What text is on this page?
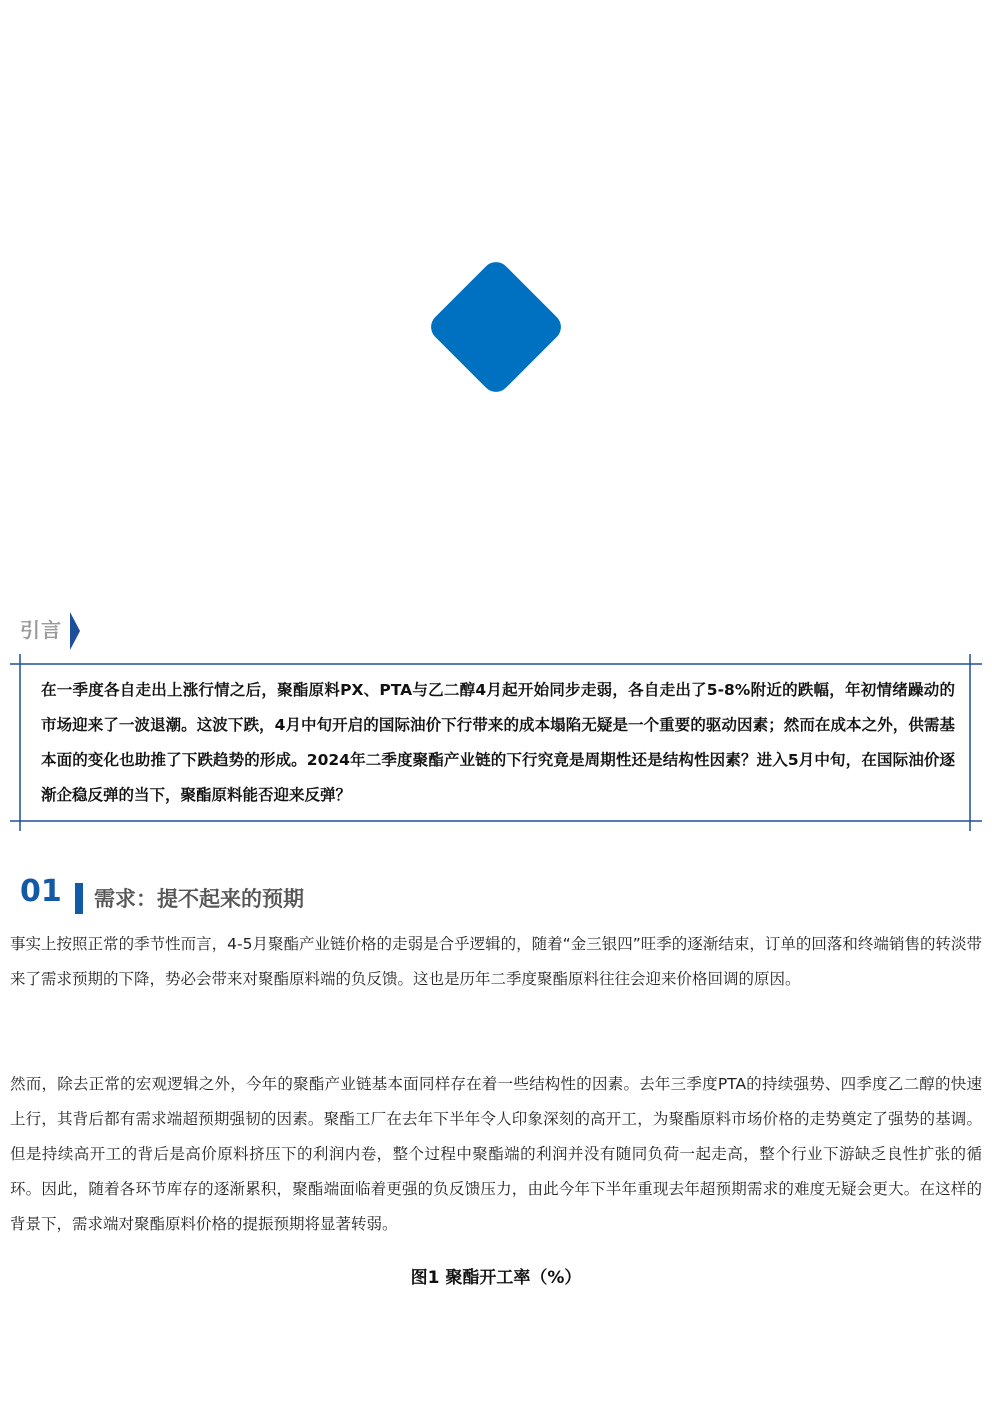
引言
在一季度各自走出上涨行情之后，聚酯原料PX、PTA与乙二醇4月起开始同步走弱，各自走出了5-8%附近的跌幅，年初情绪躁动的市场迎来了一波退潮。这波下跌，4月中旬开启的国际油价下行带来的成本塌陷无疑是一个重要的驱动因素；然而在成本之外，供需基本面的变化也助推了下跌趋势的形成。2024年二季度聚酯产业链的下行究竟是周期性还是结构性因素？进入5月中旬，在国际油价逐渐企稳反弹的当下，聚酯原料能否迎来反弹？
01 需求：提不起来的预期

事实上按照正常的季节性而言，4-5月聚酯产业链价格的走弱是合乎逻辑的，随着“金三银四”旺季的逐渐结束，订单的回落和终端销售的转淡带来了需求预期的下降，势必会带来对聚酯原料端的负反馈。这也是历年二季度聚酯原料往往会迎来价格回调的原因。

然而，除去正常的宏观逻辑之外，今年的聚酯产业链基本面同样存在着一些结构性的因素。去年三季度PTA的持续强势、四季度乙二醇的快速上行，其背后都有需求端超预期强韧的因素。聚酯工厂在去年下半年令人印象深刻的高开工，为聚酯原料市场价格的走势奠定了强势的基调。但是持续高开工的背后是高价原料挤压下的利润内卷，整个过程中聚酯端的利润并没有随同负荷一起走高，整个行业下游缺乏良性扩张的循环。因此，随着各环节库存的逐渐累积，聚酯端面临着更强的负反馈压力，由此今年下半年重现去年超预期需求的难度无疑会更大。在这样的背景下，需求端对聚酯原料价格的提振预期将显著转弱。

图1 聚酯开工率（%）
